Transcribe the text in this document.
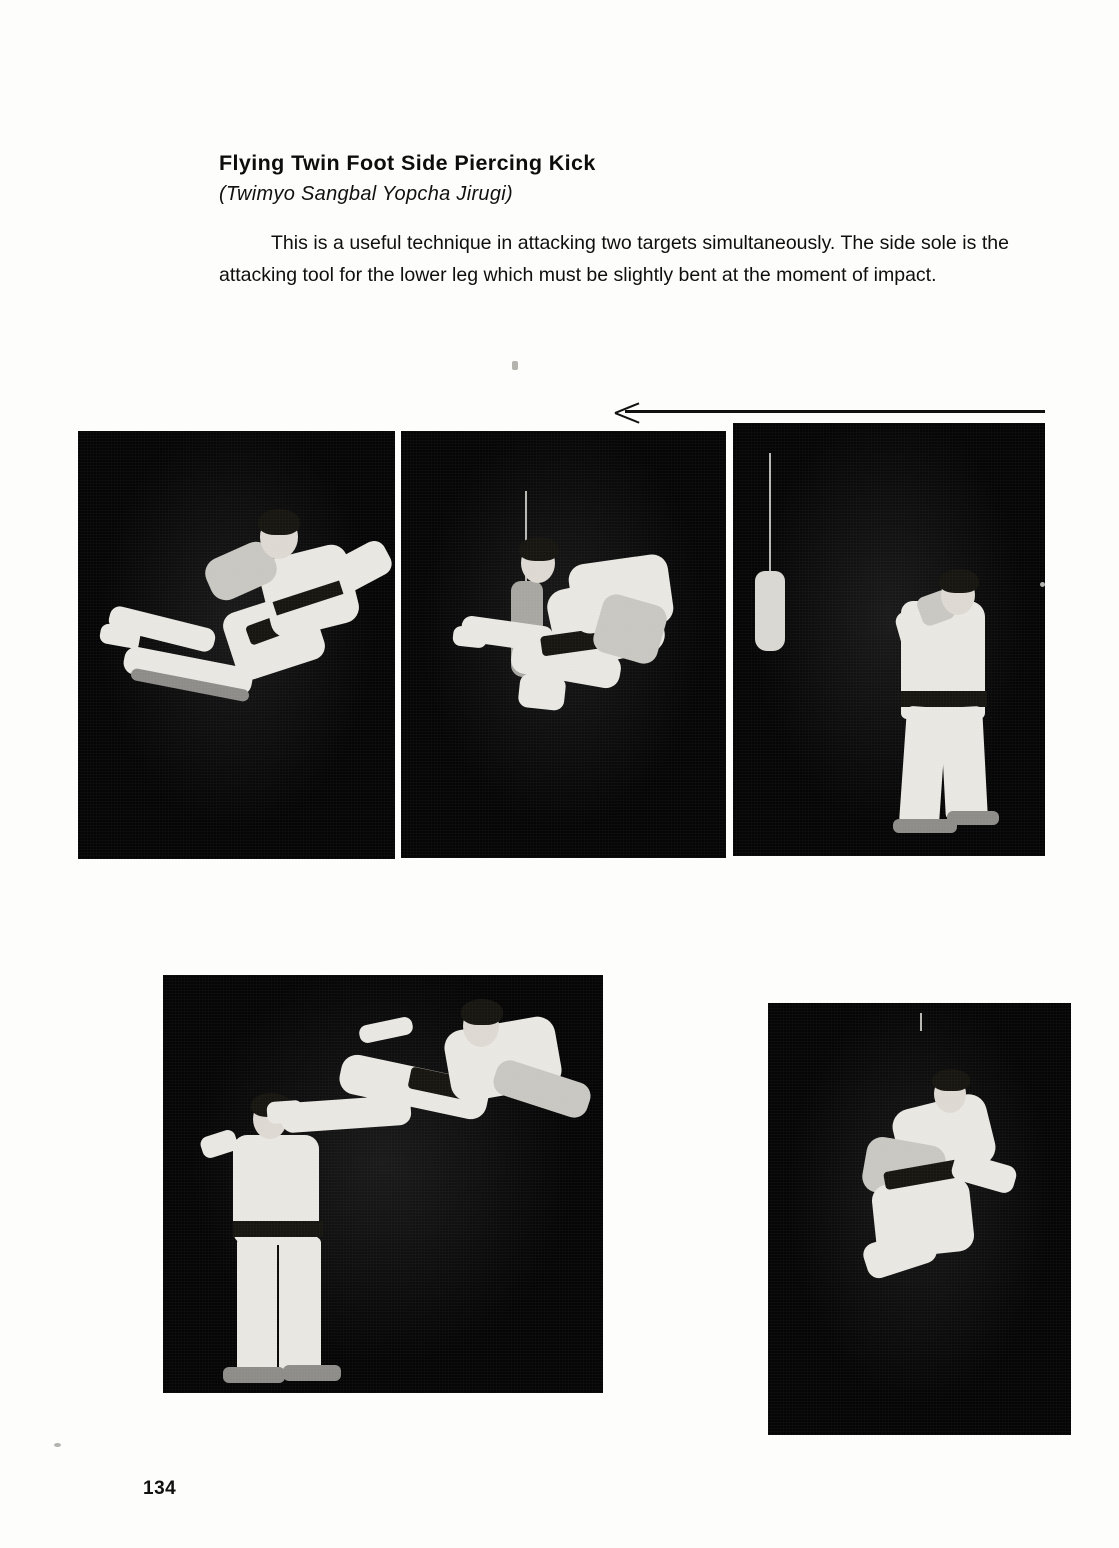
Flying Twin Foot Side Piercing Kick
(Twimyo Sangbal Yopcha Jirugi)
This is a useful technique in attacking two targets simultaneously. The side sole is the attacking tool for the lower leg which must be slightly bent at the moment of impact.
134
